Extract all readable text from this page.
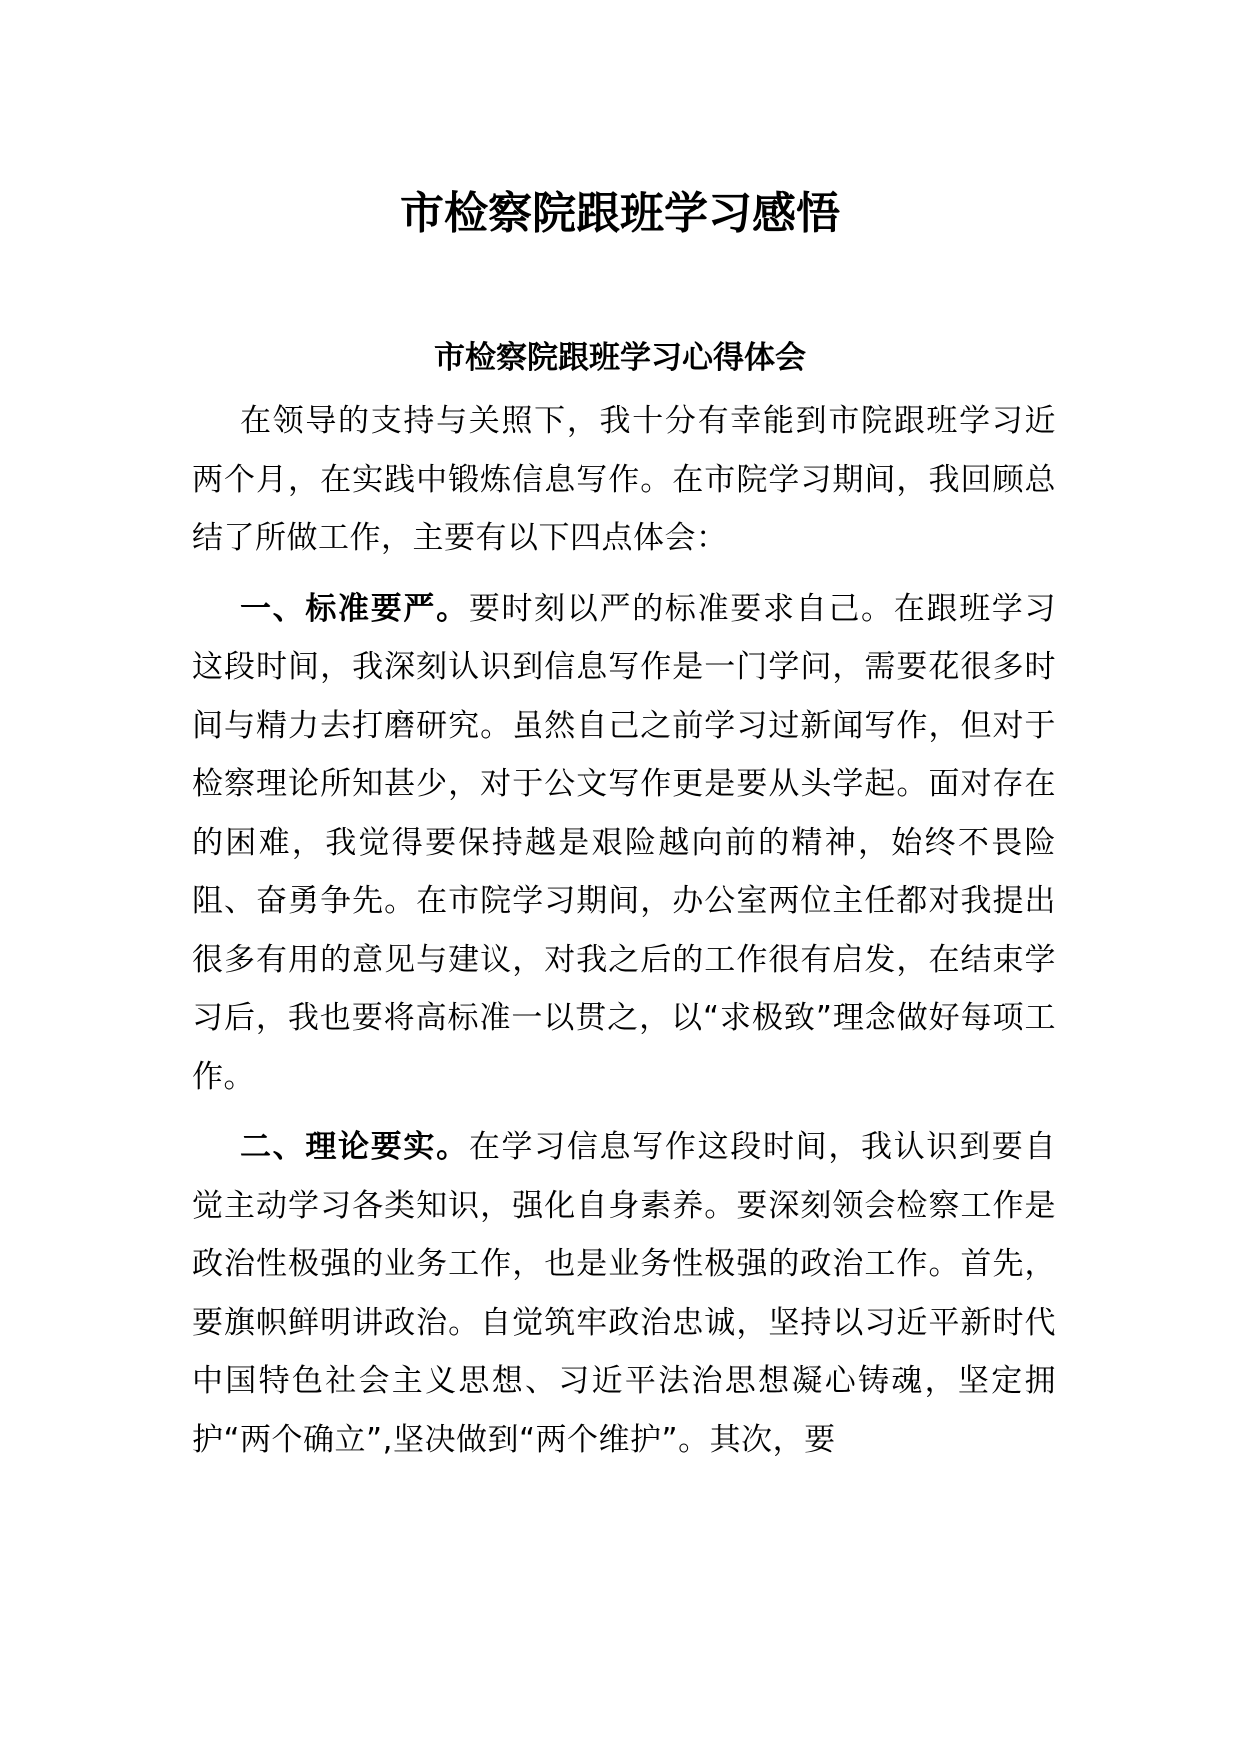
市检察院跟班学习感悟
市检察院跟班学习心得体会

在领导的支持与关照下，我十分有幸能到市院跟班学习近两个月，在实践中锻炼信息写作。在市院学习期间，我回顾总结了所做工作，主要有以下四点体会：

一、标准要严。要时刻以严的标准要求自己。在跟班学习这段时间，我深刻认识到信息写作是一门学问，需要花很多时间与精力去打磨研究。虽然自己之前学习过新闻写作，但对于检察理论所知甚少，对于公文写作更是要从头学起。面对存在的困难，我觉得要保持越是艰险越向前的精神，始终不畏险阻、奋勇争先。在市院学习期间，办公室两位主任都对我提出很多有用的意见与建议，对我之后的工作很有启发，在结束学习后，我也要将高标准一以贯之，以“求极致”理念做好每项工作。

二、理论要实。在学习信息写作这段时间，我认识到要自觉主动学习各类知识，强化自身素养。要深刻领会检察工作是政治性极强的业务工作，也是业务性极强的政治工作。首先，要旗帜鲜明讲政治。自觉筑牢政治忠诚，坚持以习近平新时代中国特色社会主义思想、习近平法治思想凝心铸魂，坚定拥护“两个确立”,坚决做到“两个维护”。其次，要
